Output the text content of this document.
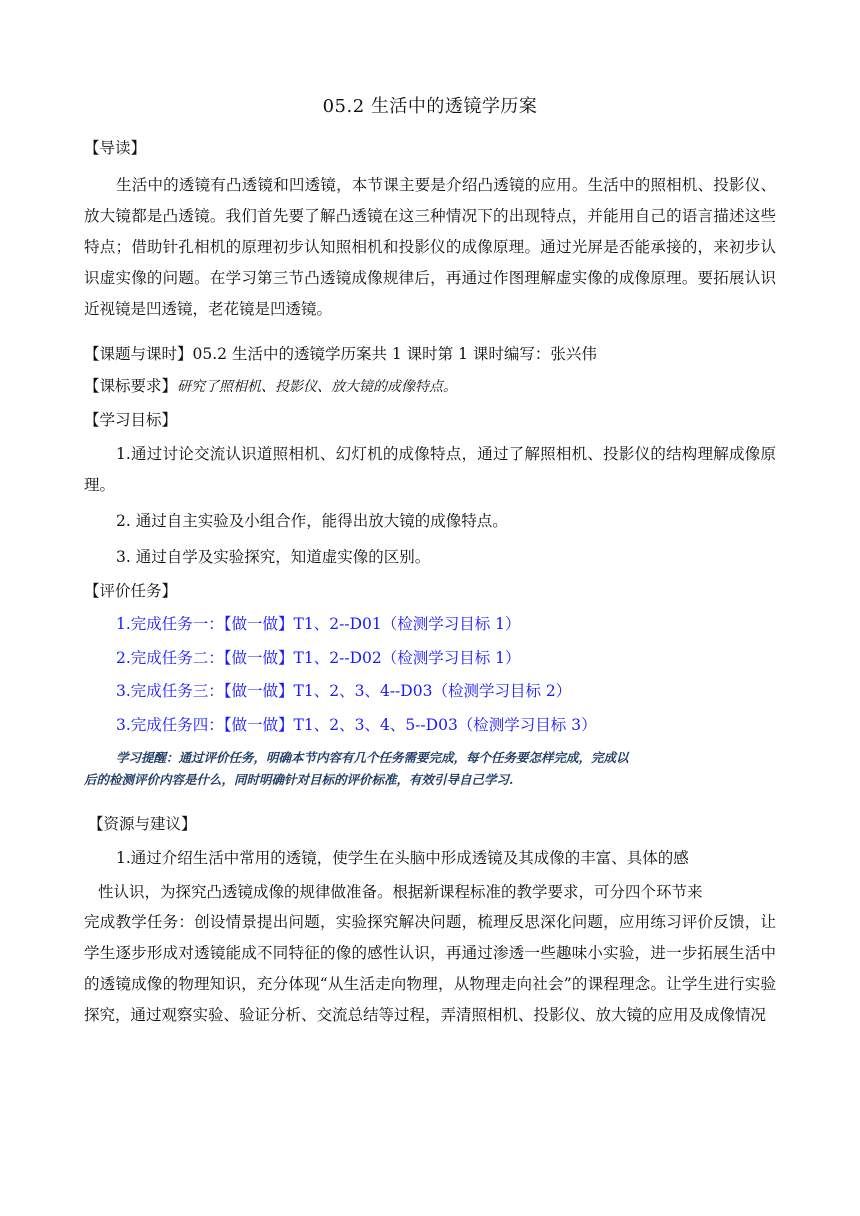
05.2 生活中的透镜学历案
【导读】
生活中的透镜有凸透镜和凹透镜，本节课主要是介绍凸透镜的应用。生活中的照相机、投影仪、放大镜都是凸透镜。我们首先要了解凸透镜在这三种情况下的出现特点，并能用自己的语言描述这些特点；借助针孔相机的原理初步认知照相机和投影仪的成像原理。通过光屏是否能承接的，来初步认识虚实像的问题。在学习第三节凸透镜成像规律后，再通过作图理解虚实像的成像原理。要拓展认识近视镜是凹透镜，老花镜是凹透镜。
【课题与课时】05.2 生活中的透镜学历案共 1 课时第 1 课时编写：张兴伟
【课标要求】研究了照相机、投影仪、放大镜的成像特点。
【学习目标】
1.通过讨论交流认识道照相机、幻灯机的成像特点，通过了解照相机、投影仪的结构理解成像原理。
2. 通过自主实验及小组合作，能得出放大镜的成像特点。
3. 通过自学及实验探究，知道虚实像的区别。
【评价任务】
1.完成任务一：【做一做】T1、2--D01（检测学习目标 1）
2.完成任务二：【做一做】T1、2--D02（检测学习目标 1）
3.完成任务三：【做一做】T1、2、3、4--D03（检测学习目标 2）
3.完成任务四：【做一做】T1、2、3、4、5--D03（检测学习目标 3）
学习提醒：通过评价任务，明确本节内容有几个任务需要完成，每个任务要怎样完成，完成以
后的检测评价内容是什么，同时明确针对目标的评价标准，有效引导自己学习.
【资源与建议】
1.通过介绍生活中常用的透镜，使学生在头脑中形成透镜及其成像的丰富、具体的感
性认识，为探究凸透镜成像的规律做准备。根据新课程标准的教学要求，可分四个环节来
完成教学任务：创设情景提出问题，实验探究解决问题，梳理反思深化问题，应用练习评价反馈，让学生逐步形成对透镜能成不同特征的像的感性认识，再通过渗透一些趣味小实验，进一步拓展生活中的透镜成像的物理知识，充分体现“从生活走向物理，从物理走向社会”的课程理念。让学生进行实验探究，通过观察实验、验证分析、交流总结等过程，弄清照相机、投影仪、放大镜的应用及成像情况
